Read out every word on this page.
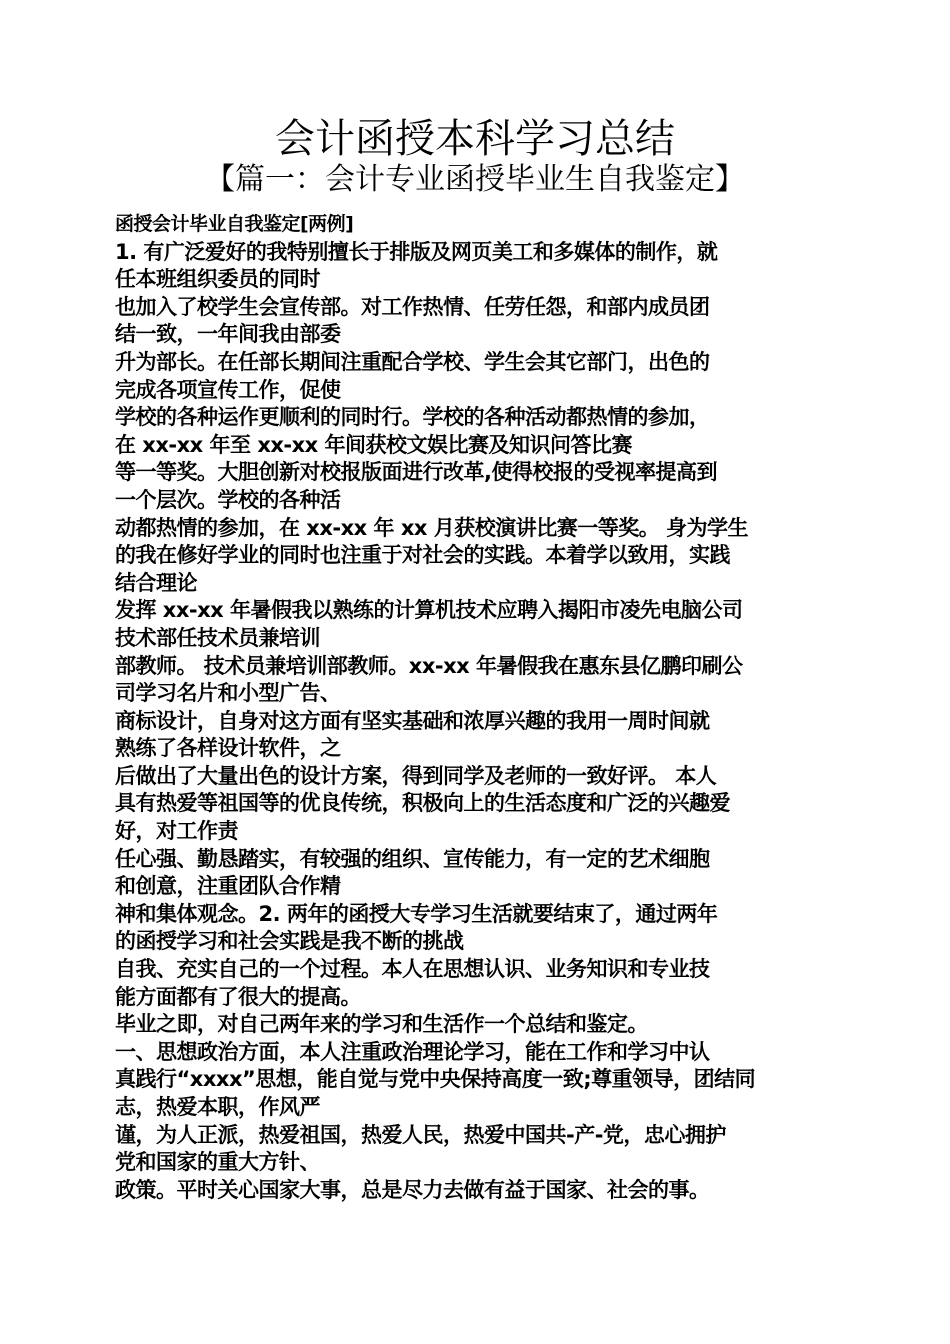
会计函授本科学习总结
【篇一：会计专业函授毕业生自我鉴定】
函授会计毕业自我鉴定[两例]
1. 有广泛爱好的我特别擅长于排版及网页美工和多媒体的制作，就
任本班组织委员的同时
也加入了校学生会宣传部。对工作热情、任劳任怨，和部内成员团
结一致，一年间我由部委
升为部长。在任部长期间注重配合学校、学生会其它部门，出色的
完成各项宣传工作，促使
学校的各种运作更顺利的同时行。学校的各种活动都热情的参加，
在 xx-xx 年至 xx-xx 年间获校文娱比赛及知识问答比赛
等一等奖。大胆创新对校报版面进行改革,使得校报的受视率提高到
一个层次。学校的各种活
动都热情的参加，在 xx-xx 年 xx 月获校演讲比赛一等奖。 身为学生
的我在修好学业的同时也注重于对社会的实践。本着学以致用，实践
结合理论
发挥 xx-xx 年暑假我以熟练的计算机技术应聘入揭阳市凌先电脑公司
技术部任技术员兼培训
部教师。 技术员兼培训部教师。xx-xx 年暑假我在惠东县亿鹏印刷公
司学习名片和小型广告、
商标设计，自身对这方面有坚实基础和浓厚兴趣的我用一周时间就
熟练了各样设计软件，之
后做出了大量出色的设计方案，得到同学及老师的一致好评。 本人
具有热爱等祖国等的优良传统，积极向上的生活态度和广泛的兴趣爱
好，对工作责
任心强、勤恳踏实，有较强的组织、宣传能力，有一定的艺术细胞
和创意，注重团队合作精
神和集体观念。2. 两年的函授大专学习生活就要结束了，通过两年
的函授学习和社会实践是我不断的挑战
自我、充实自己的一个过程。本人在思想认识、业务知识和专业技
能方面都有了很大的提高。
毕业之即，对自己两年来的学习和生活作一个总结和鉴定。
一、思想政治方面，本人注重政治理论学习，能在工作和学习中认
真践行“xxxx”思想，能自觉与党中央保持高度一致;尊重领导，团结同
志，热爱本职，作风严
谨，为人正派，热爱祖国，热爱人民，热爱中国共-产-党，忠心拥护
党和国家的重大方针、
政策。平时关心国家大事，总是尽力去做有益于国家、社会的事。
